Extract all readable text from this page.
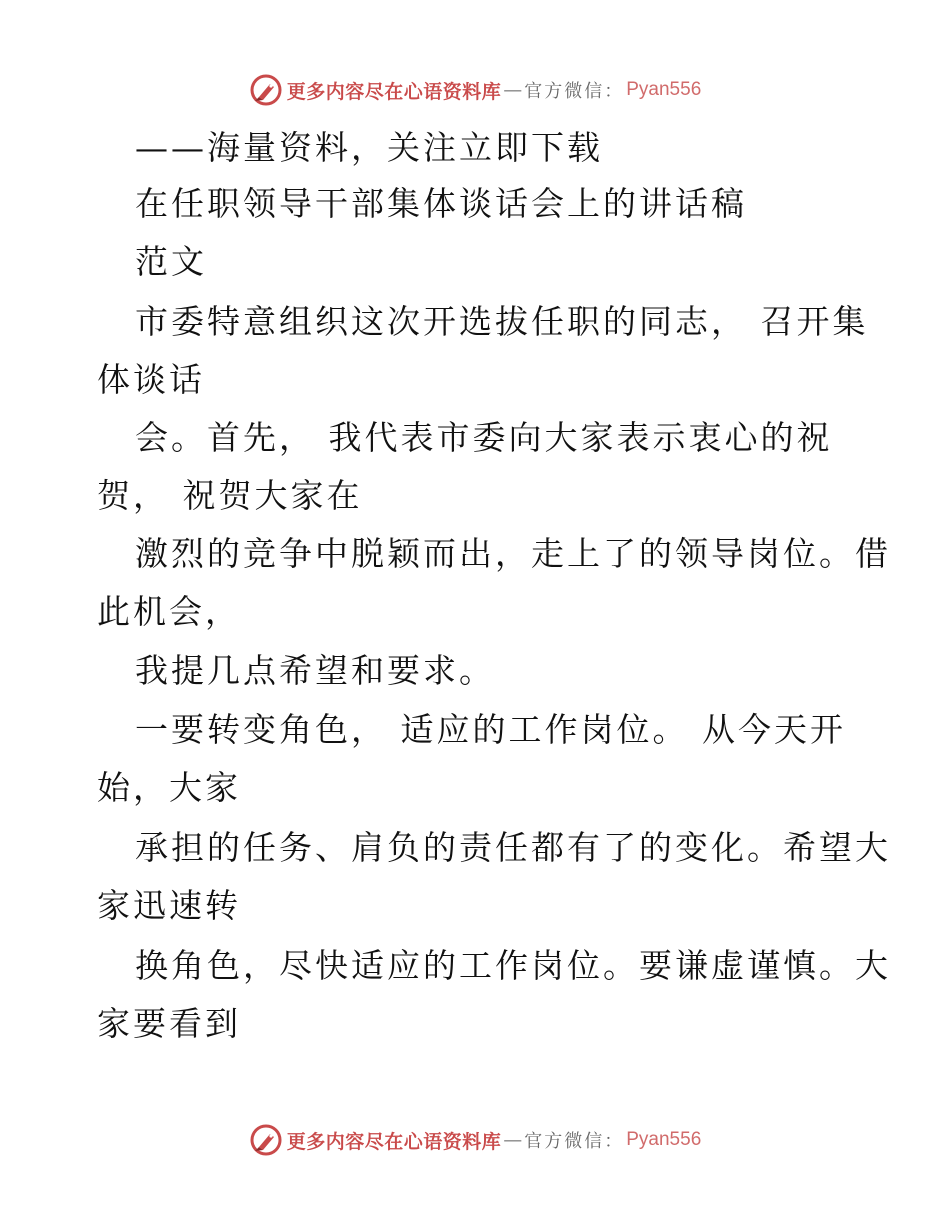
更多内容尽在心语资料库 — 官方微信： Pyan556
——海量资料，关注立即下载
在任职领导干部集体谈话会上的讲话稿
范文
市委特意组织这次开选拔任职的同志， 召开集
体谈话
会。首先， 我代表市委向大家表示衷心的祝
贺， 祝贺大家在
激烈的竞争中脱颖而出，走上了的领导岗位。借
此机会，
我提几点希望和要求。
一要转变角色， 适应的工作岗位。 从今天开
始，大家
承担的任务、肩负的责任都有了的变化。希望大
家迅速转
换角色，尽快适应的工作岗位。要谦虚谨慎。大
家要看到
更多内容尽在心语资料库 — 官方微信： Pyan556
